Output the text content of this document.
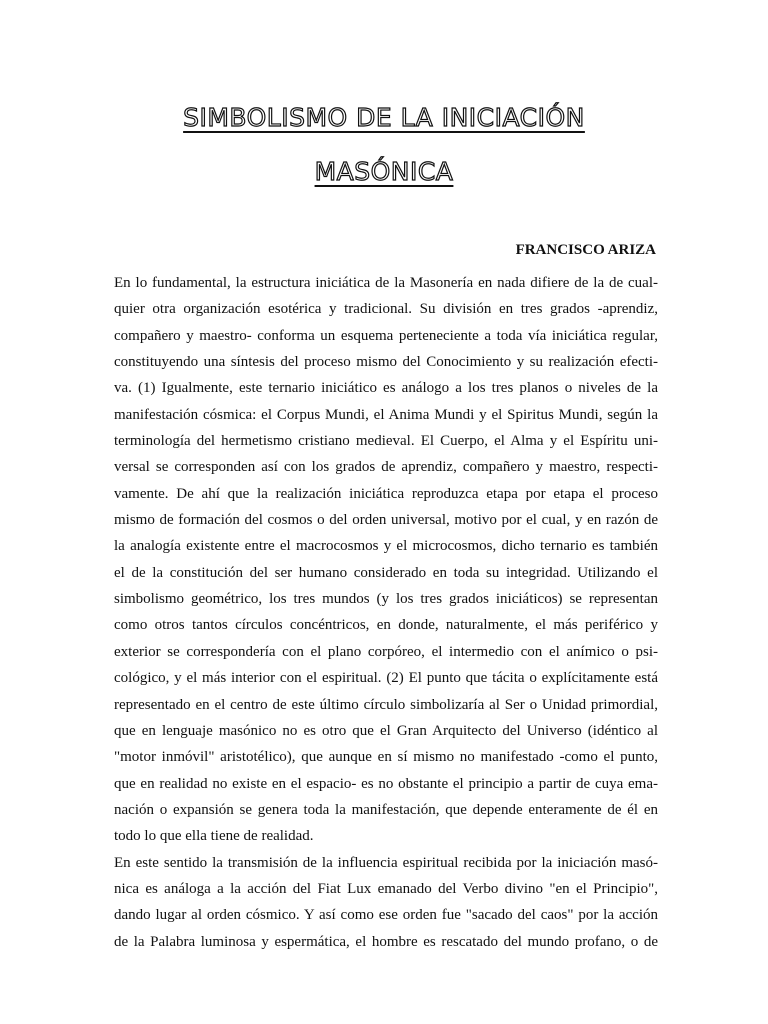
SIMBOLISMO DE LA INICIACIÓN
MASÓNICA
FRANCISCO ARIZA
En lo fundamental, la estructura iniciática de la Masonería en nada difiere de la de cual-
quier otra organización esotérica y tradicional. Su división en tres grados -aprendiz,
compañero y maestro- conforma un esquema perteneciente a toda vía iniciática regular,
constituyendo una síntesis del proceso mismo del Conocimiento y su realización efecti-
va. (1) Igualmente, este ternario iniciático es análogo a los tres planos o niveles de la
manifestación cósmica: el Corpus Mundi, el Anima Mundi y el Spiritus Mundi, según la
terminología del hermetismo cristiano medieval. El Cuerpo, el Alma y el Espíritu uni-
versal se corresponden así con los grados de aprendiz, compañero y maestro, respecti-
vamente. De ahí que la realización iniciática reproduzca etapa por etapa el proceso
mismo de formación del cosmos o del orden universal, motivo por el cual, y en razón de
la analogía existente entre el macrocosmos y el microcosmos, dicho ternario es también
el de la constitución del ser humano considerado en toda su integridad. Utilizando el
simbolismo geométrico, los tres mundos (y los tres grados iniciáticos) se representan
como otros tantos círculos concéntricos, en donde, naturalmente, el más periférico y
exterior se correspondería con el plano corpóreo, el intermedio con el anímico o psi-
cológico, y el más interior con el espiritual. (2) El punto que tácita o explícitamente está
representado en el centro de este último círculo simbolizaría al Ser o Unidad primordial,
que en lenguaje masónico no es otro que el Gran Arquitecto del Universo (idéntico al
"motor inmóvil" aristotélico), que aunque en sí mismo no manifestado -como el punto,
que en realidad no existe en el espacio- es no obstante el principio a partir de cuya ema-
nación o expansión se genera toda la manifestación, que depende enteramente de él en
todo lo que ella tiene de realidad.
En este sentido la transmisión de la influencia espiritual recibida por la iniciación masó-
nica es análoga a la acción del Fiat Lux emanado del Verbo divino "en el Principio",
dando lugar al orden cósmico. Y así como ese orden fue "sacado del caos" por la acción
de la Palabra luminosa y espermática, el hombre es rescatado del mundo profano, o de
